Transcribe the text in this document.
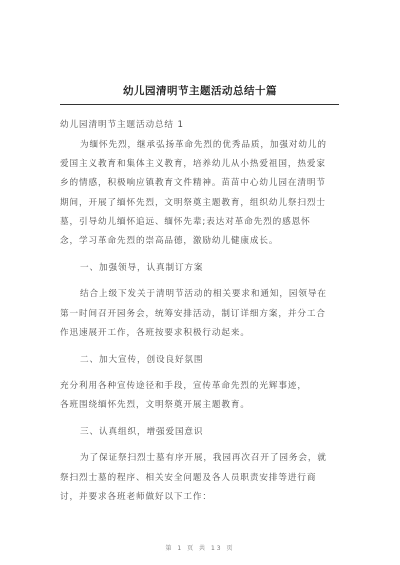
幼儿园清明节主题活动总结十篇
幼儿园清明节主题活动总结 1
为缅怀先烈，继承弘扬革命先烈的优秀品质，加强对幼儿的
爱国主义教育和集体主义教育，培养幼儿从小热爱祖国，热爱家
乡的情感，积极响应镇教育文件精神。苗苗中心幼儿园在清明节
期间，开展了缅怀先烈，文明祭奠主题教育，组织幼儿祭扫烈士
墓，引导幼儿缅怀追远、缅怀先辈;表达对革命先烈的感恩怀
念，学习革命先烈的崇高品德，激励幼儿健康成长。
一、加强领导，认真制订方案
结合上级下发关于清明节活动的相关要求和通知，园领导在
第一时间召开园务会，统筹安排活动，制订详细方案，并分工合
作迅速展开工作，各班按要求积极行动起来。
二、加大宣传，创设良好氛围
充分利用各种宣传途径和手段，宣传革命先烈的光辉事迹，
各班围绕缅怀先烈，文明祭奠开展主题教育。
三、认真组织，增强爱国意识
为了保证祭扫烈士墓有序开展，我园再次召开了园务会，就
祭扫烈士墓的程序、相关安全问题及各人员职责安排等进行商
讨，并要求各班老师做好以下工作：
第 1 页 共 13 页
